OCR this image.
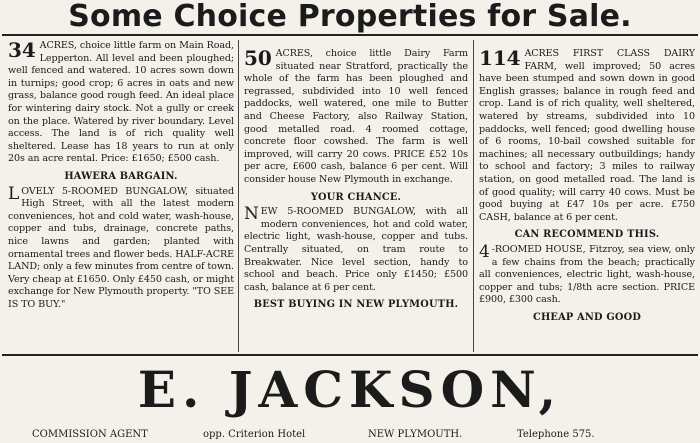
Some Choice Properties for Sale.

34 ACRES, choice little farm on Main Road, Lepperton. All level and been ploughed; well fenced and watered. 10 acres sown down in turnips; good crop; 6 acres in oats and new grass, balance good rough feed. An ideal place for wintering dairy stock. Not a gully or creek on the place. Watered by river boundary. Level access. The land is of rich quality well sheltered. Lease has 18 years to run at only 20s an acre rental. Price: £1650; £500 cash.

HAWERA BARGAIN.

L OVELY 5-ROOMED BUNGALOW, situated High Street, with all the latest modern conveniences, hot and cold water, wash-house, copper and tubs, drainage, concrete paths, nice lawns and garden; planted with ornamental trees and flower beds. HALF-ACRE LAND; only a few minutes from centre of town. Very cheap at £1650. Only £450 cash, or might exchange for New Plymouth property. "TO SEE IS TO BUY."

50 ACRES, choice little Dairy Farm situated near Stratford, practically the whole of the farm has been ploughed and regrassed, subdivided into 10 well fenced paddocks, well watered, one mile to Butter and Cheese Factory, also Railway Station, good metalled road. 4 roomed cottage, concrete floor cowshed. The farm is well improved, will carry 20 cows. PRICE £52 10s per acre, £600 cash, balance 6 per cent. Will consider house New Plymouth in exchange.

YOUR CHANCE.

N EW 5-ROOMED BUNGALOW, with all modern conveniences, hot and cold water, electric light, wash-house, copper and tubs. Centrally situated, on tram route to Breakwater. Nice level section, handy to school and beach. Price only £1450; £500 cash, balance at 6 per cent.

BEST BUYING IN NEW PLYMOUTH.

114 ACRES FIRST CLASS DAIRY FARM, well improved; 50 acres have been stumped and sown down in good English grasses; balance in rough feed and crop. Land is of rich quality, well sheltered, watered by streams, subdivided into 10 paddocks, well fenced; good dwelling house of 6 rooms, 10-bail cowshed suitable for machines; all necessary outbuildings; handy to school and factory; 3 miles to railway station, on good metalled road. The land is of good quality; will carry 40 cows. Must be good buying at £47 10s per acre. £750 CASH, balance at 6 per cent.

CAN RECOMMEND THIS.

4 -ROOMED HOUSE, Fitzroy, sea view, only a few chains from the beach; practically all conveniences, electric light, wash-house, copper and tubs; 1/8th acre section. PRICE £900, £300 cash.

CHEAP AND GOOD

E. JACKSON,
COMMISSION AGENT	opp. Criterion Hotel	NEW PLYMOUTH.	Telephone 575.
